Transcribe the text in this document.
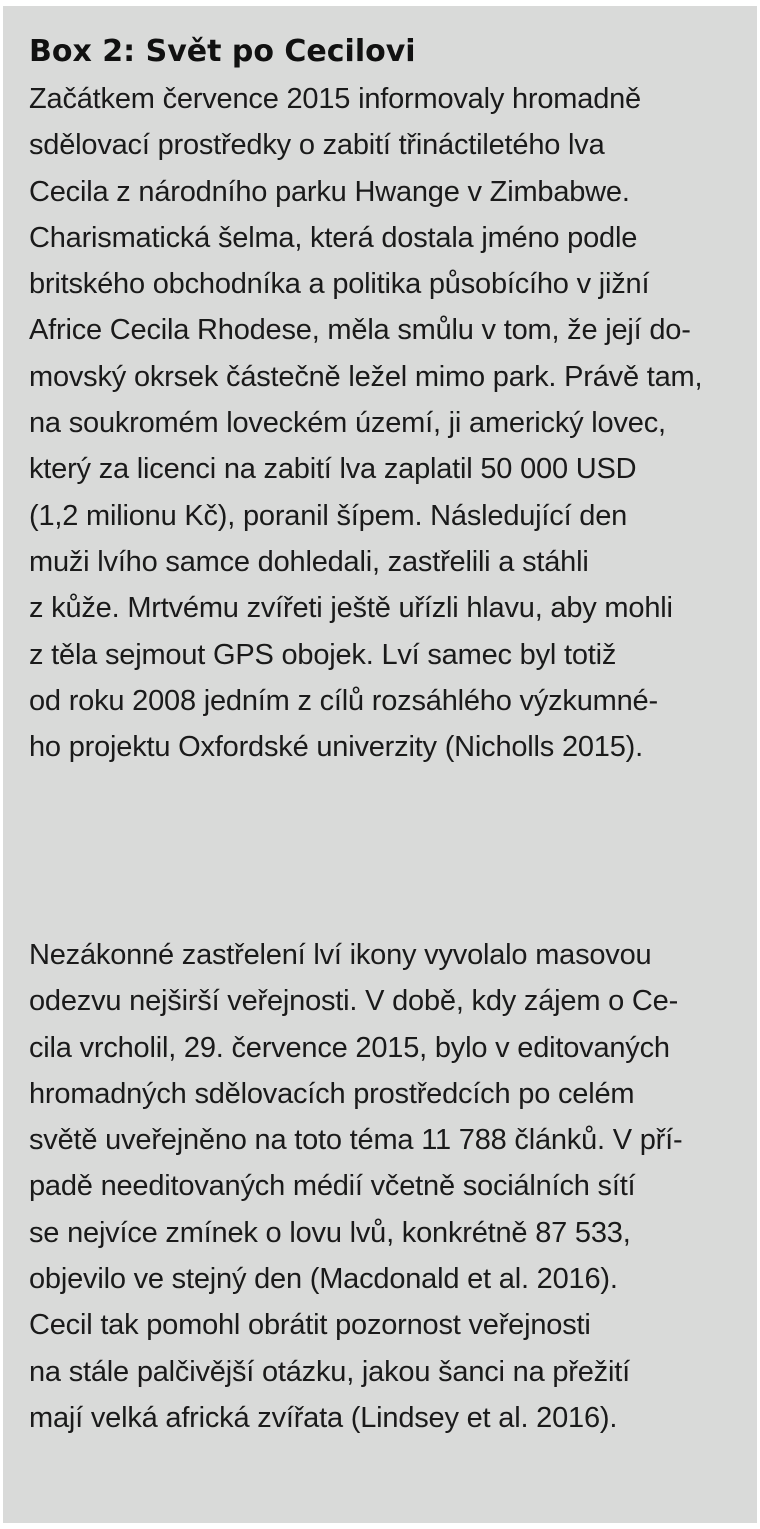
Box 2: Svět po Cecilovi

Začátkem července 2015 informovaly hromadně
sdělovací prostředky o zabití třináctiletého lva
Cecila z národního parku Hwange v Zimbabwe.
Charismatická šelma, která dostala jméno podle
britského obchodníka a politika působícího v jižní
Africe Cecila Rhodese, měla smůlu v tom, že její do-
movský okrsek částečně ležel mimo park. Právě tam,
na soukromém loveckém území, ji americký lovec,
který za licenci na zabití lva zaplatil 50 000 USD
(1,2 milionu Kč), poranil šípem. Následující den
muži lvího samce dohledali, zastřelili a stáhli
z kůže. Mrtvému zvířeti ještě uřízli hlavu, aby mohli
z těla sejmout GPS obojek. Lví samec byl totiž
od roku 2008 jedním z cílů rozsáhlého výzkumné-
ho projektu Oxfordské univerzity (Nicholls 2015).

Nezákonné zastřelení lví ikony vyvolalo masovou
odezvu nejširší veřejnosti. V době, kdy zájem o Ce-
cila vrcholil, 29. července 2015, bylo v editovaných
hromadných sdělovacích prostředcích po celém
světě uveřejněno na toto téma 11 788 článků. V pří-
padě needitovaných médií včetně sociálních sítí
se nejvíce zmínek o lovu lvů, konkrétně 87 533,
objevilo ve stejný den (Macdonald et al. 2016).
Cecil tak pomohl obrátit pozornost veřejnosti
na stále palčivější otázku, jakou šanci na přežití
mají velká africká zvířata (Lindsey et al. 2016).
